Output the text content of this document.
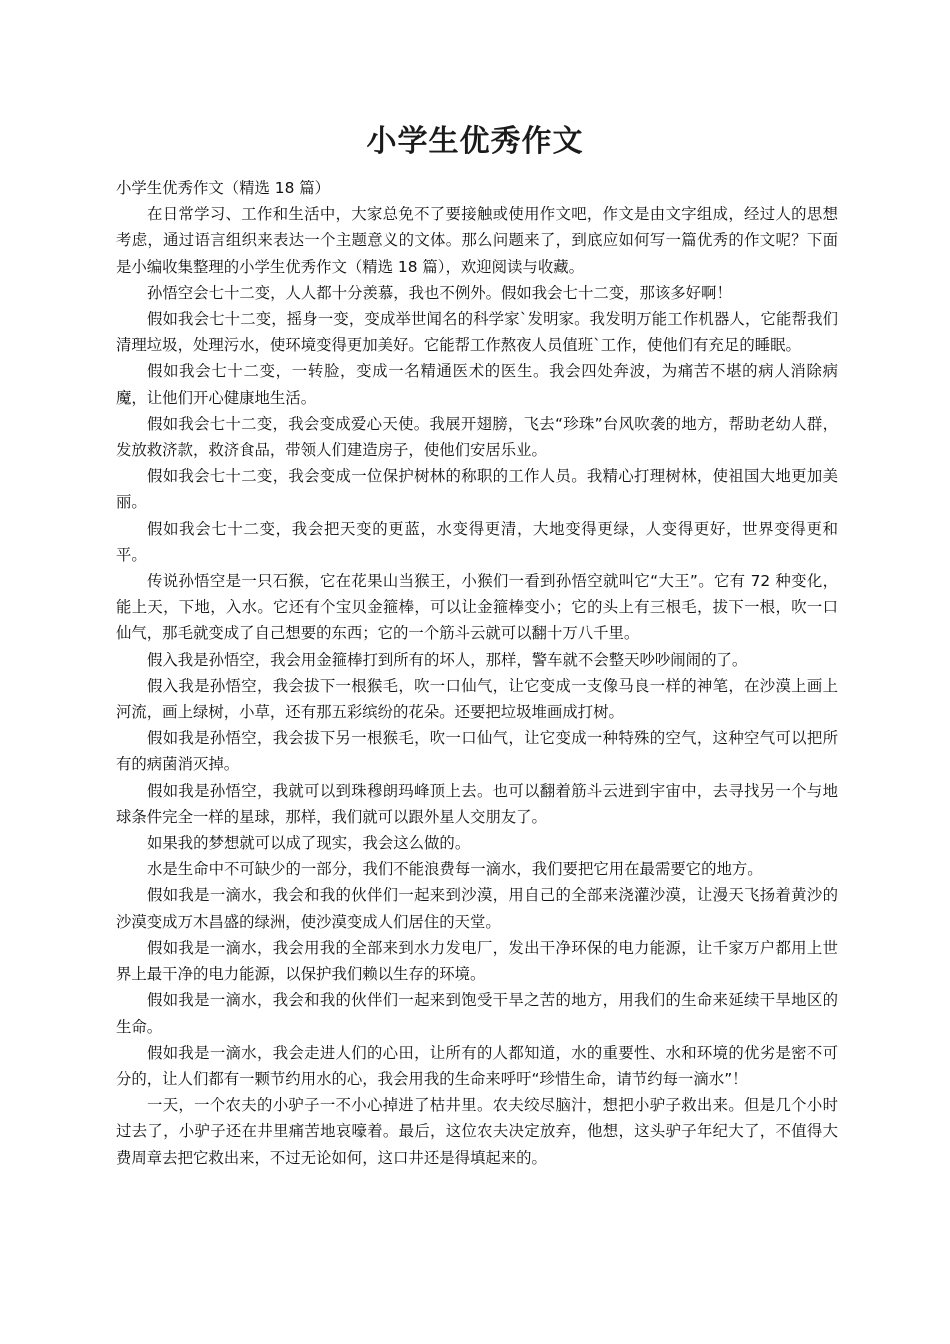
小学生优秀作文

小学生优秀作文（精选 18 篇）

在日常学习、工作和生活中，大家总免不了要接触或使用作文吧，作文是由文字组成，经过人的思想考虑，通过语言组织来表达一个主题意义的文体。那么问题来了，到底应如何写一篇优秀的作文呢？下面是小编收集整理的小学生优秀作文（精选 18 篇），欢迎阅读与收藏。

孙悟空会七十二变，人人都十分羡慕，我也不例外。假如我会七十二变，那该多好啊！

假如我会七十二变，摇身一变，变成举世闻名的科学家`发明家。我发明万能工作机器人，它能帮我们清理垃圾，处理污水，使环境变得更加美好。它能帮工作熬夜人员值班`工作，使他们有充足的睡眠。

假如我会七十二变，一转脸，变成一名精通医术的医生。我会四处奔波，为痛苦不堪的病人消除病魔，让他们开心健康地生活。

假如我会七十二变，我会变成爱心天使。我展开翅膀，飞去“珍珠”台风吹袭的地方，帮助老幼人群，发放救济款，救济食品，带领人们建造房子，使他们安居乐业。

假如我会七十二变，我会变成一位保护树林的称职的工作人员。我精心打理树林，使祖国大地更加美丽。

假如我会七十二变，我会把天变的更蓝，水变得更清，大地变得更绿，人变得更好，世界变得更和平。

传说孙悟空是一只石猴，它在花果山当猴王，小猴们一看到孙悟空就叫它“大王”。它有 72 种变化，能上天，下地，入水。它还有个宝贝金箍棒，可以让金箍棒变小；它的头上有三根毛，拔下一根，吹一口仙气，那毛就变成了自己想要的东西；它的一个筋斗云就可以翻十万八千里。

假入我是孙悟空，我会用金箍棒打到所有的坏人，那样，警车就不会整天吵吵闹闹的了。

假入我是孙悟空，我会拔下一根猴毛，吹一口仙气，让它变成一支像马良一样的神笔，在沙漠上画上河流，画上绿树，小草，还有那五彩缤纷的花朵。还要把垃圾堆画成打树。

假如我是孙悟空，我会拔下另一根猴毛，吹一口仙气，让它变成一种特殊的空气，这种空气可以把所有的病菌消灭掉。

假如我是孙悟空，我就可以到珠穆朗玛峰顶上去。也可以翻着筋斗云进到宇宙中，去寻找另一个与地球条件完全一样的星球，那样，我们就可以跟外星人交朋友了。

如果我的梦想就可以成了现实，我会这么做的。

水是生命中不可缺少的一部分，我们不能浪费每一滴水，我们要把它用在最需要它的地方。

假如我是一滴水，我会和我的伙伴们一起来到沙漠，用自己的全部来浇灌沙漠，让漫天飞扬着黄沙的沙漠变成万木昌盛的绿洲，使沙漠变成人们居住的天堂。

假如我是一滴水，我会用我的全部来到水力发电厂，发出干净环保的电力能源，让千家万户都用上世界上最干净的电力能源，以保护我们赖以生存的环境。

假如我是一滴水，我会和我的伙伴们一起来到饱受干旱之苦的地方，用我们的生命来延续干旱地区的生命。

假如我是一滴水，我会走进人们的心田，让所有的人都知道，水的重要性、水和环境的优劣是密不可分的，让人们都有一颗节约用水的心，我会用我的生命来呼吁“珍惜生命，请节约每一滴水”！

一天，一个农夫的小驴子一不小心掉进了枯井里。农夫绞尽脑汁，想把小驴子救出来。但是几个小时过去了，小驴子还在井里痛苦地哀嚎着。最后，这位农夫决定放弃，他想，这头驴子年纪大了，不值得大费周章去把它救出来，不过无论如何，这口井还是得填起来的。
